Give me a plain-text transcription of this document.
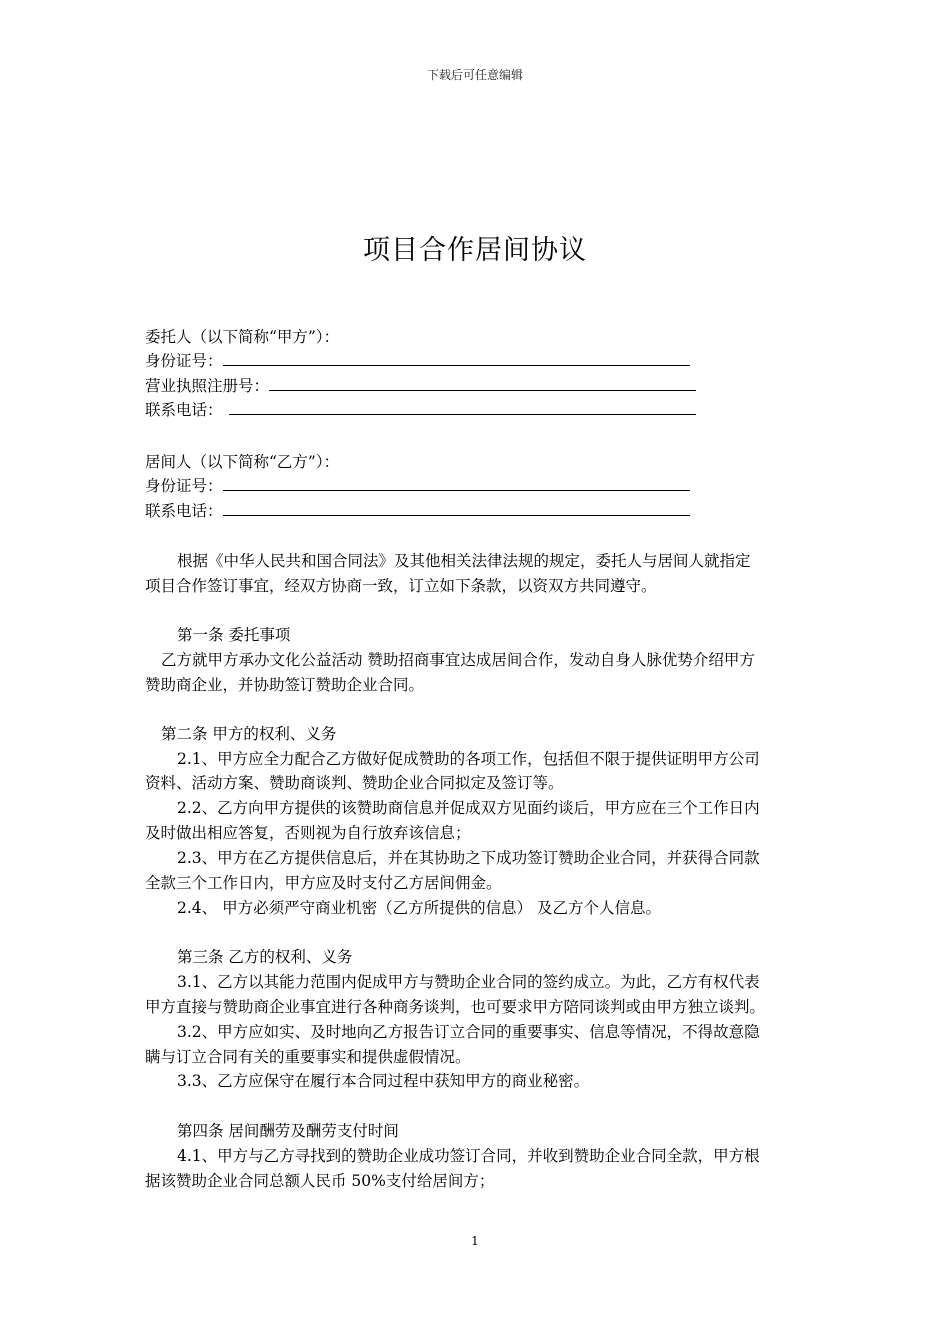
下载后可任意编辑
项目合作居间协议
委托人（以下简称“甲方”）：
身份证号：
营业执照注册号：
联系电话：
居间人（以下简称“乙方”）：
身份证号：
联系电话：
根据《中华人民共和国合同法》及其他相关法律法规的规定，委托人与居间人就指定
项目合作签订事宜，经双方协商一致，订立如下条款，以资双方共同遵守。
第一条 委托事项
乙方就甲方承办文化公益活动 赞助招商事宜达成居间合作，发动自身人脉优势介绍甲方
赞助商企业，并协助签订赞助企业合同。
第二条 甲方的权利、义务
2.1、甲方应全力配合乙方做好促成赞助的各项工作，包括但不限于提供证明甲方公司
资料、活动方案、赞助商谈判、赞助企业合同拟定及签订等。
2.2、乙方向甲方提供的该赞助商信息并促成双方见面约谈后，甲方应在三个工作日内
及时做出相应答复，否则视为自行放弃该信息；
2.3、甲方在乙方提供信息后，并在其协助之下成功签订赞助企业合同，并获得合同款
全款三个工作日内，甲方应及时支付乙方居间佣金。
2.4、 甲方必须严守商业机密（乙方所提供的信息） 及乙方个人信息。
第三条 乙方的权利、义务
3.1、乙方以其能力范围内促成甲方与赞助企业合同的签约成立。为此，乙方有权代表
甲方直接与赞助商企业事宜进行各种商务谈判，也可要求甲方陪同谈判或由甲方独立谈判。
3.2、甲方应如实、及时地向乙方报告订立合同的重要事实、信息等情况，不得故意隐
瞒与订立合同有关的重要事实和提供虚假情况。
3.3、乙方应保守在履行本合同过程中获知甲方的商业秘密。
第四条 居间酬劳及酬劳支付时间
4.1、甲方与乙方寻找到的赞助企业成功签订合同，并收到赞助企业合同全款，甲方根
据该赞助企业合同总额人民币 50%支付给居间方；
1
